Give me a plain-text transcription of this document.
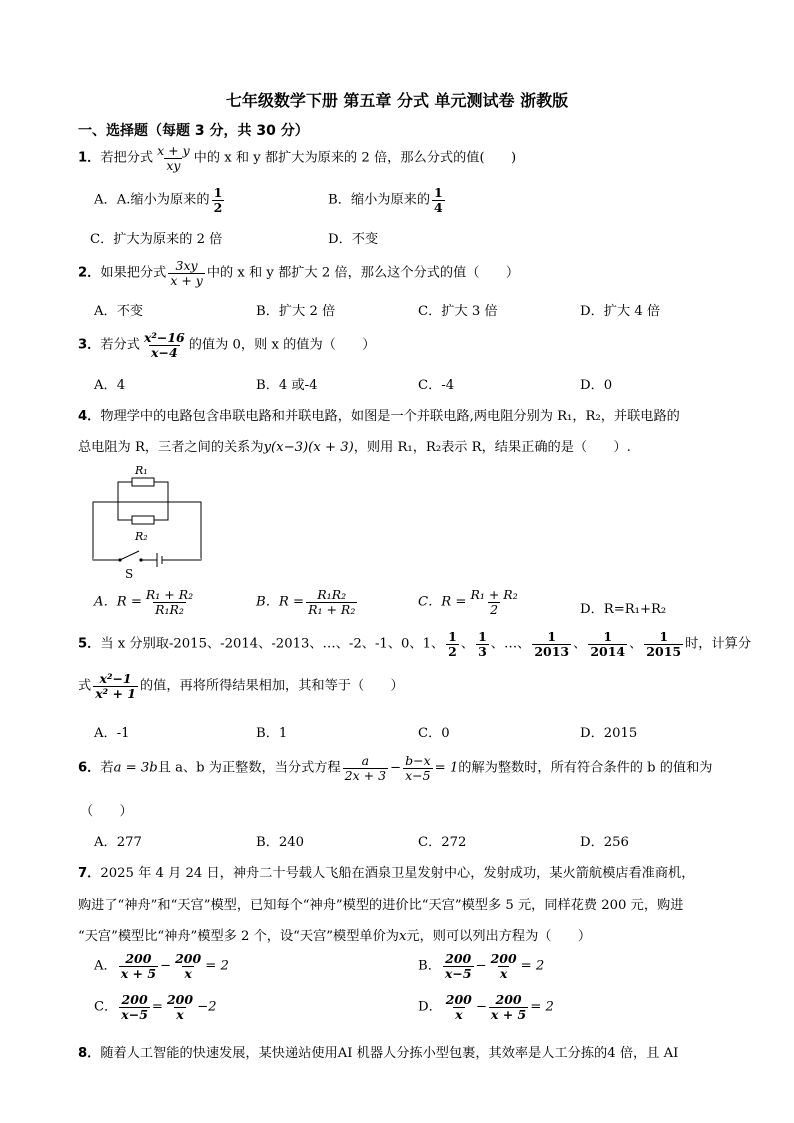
七年级数学下册 第五章 分式 单元测试卷 浙教版
一、选择题（每题 3 分，共 30 分）
1．若把分式 $\frac{x + y}{xy}$ 中的 x 和 y 都扩大为原来的 2 倍，那么分式的值(　　)
A．A.缩小为原来的 $\frac{1}{2}$	B．缩小为原来的 $\frac{1}{4}$
C．扩大为原来的 2 倍	D．不变
2．如果把分式 $\frac{3xy}{x + y}$ 中的 x 和 y 都扩大 2 倍，那么这个分式的值（　　）
A．不变	B．扩大 2 倍	C．扩大 3 倍	D．扩大 4 倍
3．若分式 $\frac{\text{x²−16}}{x-4}$ 的值为 0，则 x 的值为（　　）
A．4	B．4 或-4	C．-4	D．0
4．物理学中的电路包含串联电路和并联电路，如图是一个并联电路,两电阻分别为 R₁，R₂，并联电路的
总电阻为 R，三者之间的关系为y(x−3)(x + 3)，则用 R₁，R₂表示 R，结果正确的是（　　）.
R₁
R₂
S
A．$R = \frac{\text{R₁ + R₂}}{\text{R₁R₂}}$	B．$R = \frac{\text{R₁R₂}}{\text{R₁ + R₂}}$	C．$R = \frac{\text{R₁ + R₂}}{2}$	D．R=R₁+R₂
5．当 x 分别取-2015、-2014、-2013、…、-2、-1、0、1、 $\frac{1}{2}$ 、 $\frac{1}{3}$ 、…、 $\frac{1}{2013}$ 、 $\frac{1}{2014}$ 、 $\frac{1}{2015}$ 时，计算分
式 $\frac{\text{x²−1}}{\text{x² + 1}}$ 的值，再将所得结果相加，其和等于（　　）
A．-1	B．1	C．0	D．2015
6．若a = 3b且 a、b 为正整数，当分式方程 $\frac{a}{2x + 3} - \frac{b-x}{x-5} = 1$的解为整数时，所有符合条件的 b 的值和为
（　　）
A．277	B．240	C．272	D．256
7．2025 年 4 月 24 日，神舟二十号载人飞船在酒泉卫星发射中心，发射成功，某火箭航模店看准商机，
购进了“神舟”和“天宫”模型，已知每个“神舟”模型的进价比“天宫”模型多 5 元，同样花费 200 元，购进
“天宫”模型比“神舟”模型多 2 个，设“天宫”模型单价为x元，则可以列出方程为（　　）
A． $\frac{200}{x + 5} - \frac{200}{x} = 2$	B． $\frac{200}{x-5} - \frac{200}{x} = 2$
C． $\frac{200}{x-5} = \frac{200}{x} -2$	D． $\frac{200}{x} - \frac{200}{x + 5} = 2$
8．随着人工智能的快速发展，某快递站使用AI 机器人分拣小型包裹，其效率是人工分拣的4 倍，且 AI
